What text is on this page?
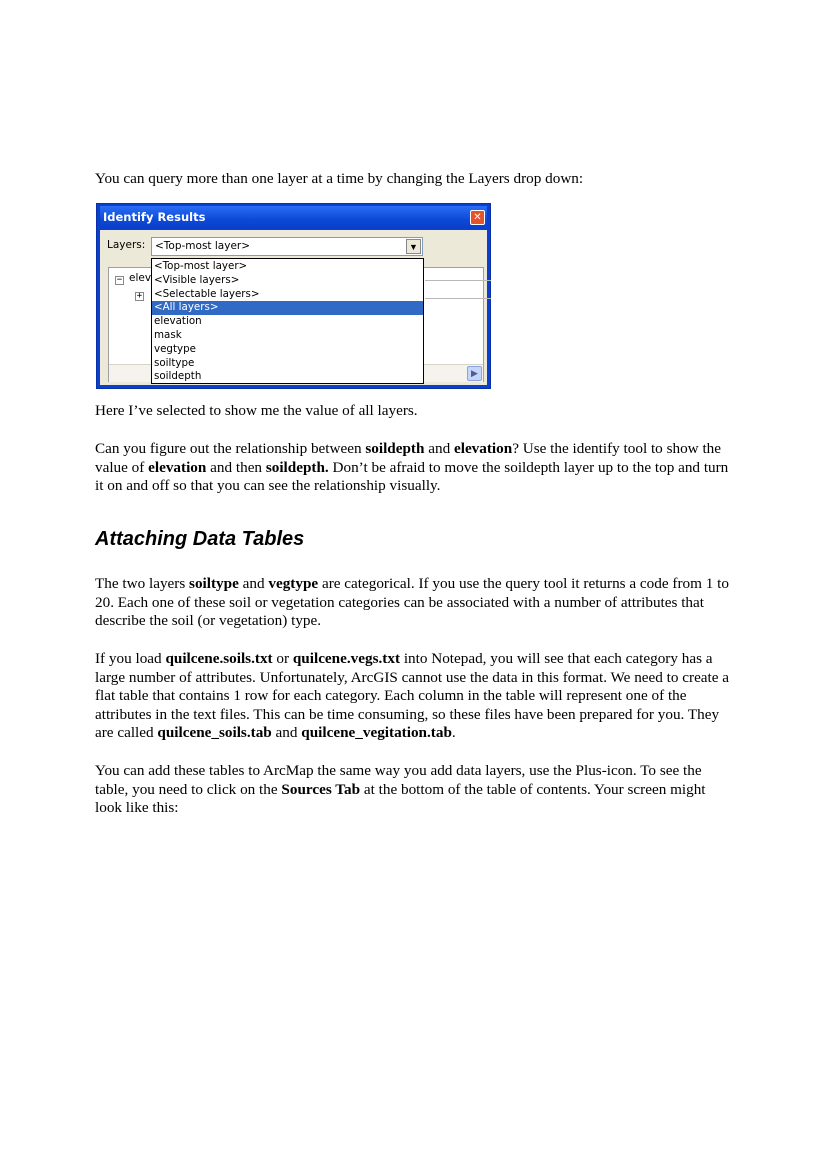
You can query more than one layer at a time by changing the Layers drop down:

Identify Results	✕
Layers: <Top-most layer>	▼
− elev
+
▶
<Top-most layer>
<Visible layers>
<Selectable layers>
<All layers>
elevation
mask
vegtype
soiltype
soildepth

Here I’ve selected to show me the value of all layers.

Can you figure out the relationship between soildepth and elevation? Use the identify tool to show the value of elevation and then soildepth. Don’t be afraid to move the soildepth layer up to the top and turn it on and off so that you can see the relationship visually.

Attaching Data Tables

The two layers soiltype and vegtype are categorical. If you use the query tool it returns a code from 1 to 20. Each one of these soil or vegetation categories can be associated with a number of attributes that describe the soil (or vegetation) type.

If you load quilcene.soils.txt or quilcene.vegs.txt into Notepad, you will see that each category has a large number of attributes. Unfortunately, ArcGIS cannot use the data in this format. We need to create a flat table that contains 1 row for each category. Each column in the table will represent one of the attributes in the text files. This can be time consuming, so these files have been prepared for you. They are called quilcene_soils.tab and quilcene_vegitation.tab.

You can add these tables to ArcMap the same way you add data layers, use the Plus-icon. To see the table, you need to click on the Sources Tab at the bottom of the table of contents. Your screen might look like this:
